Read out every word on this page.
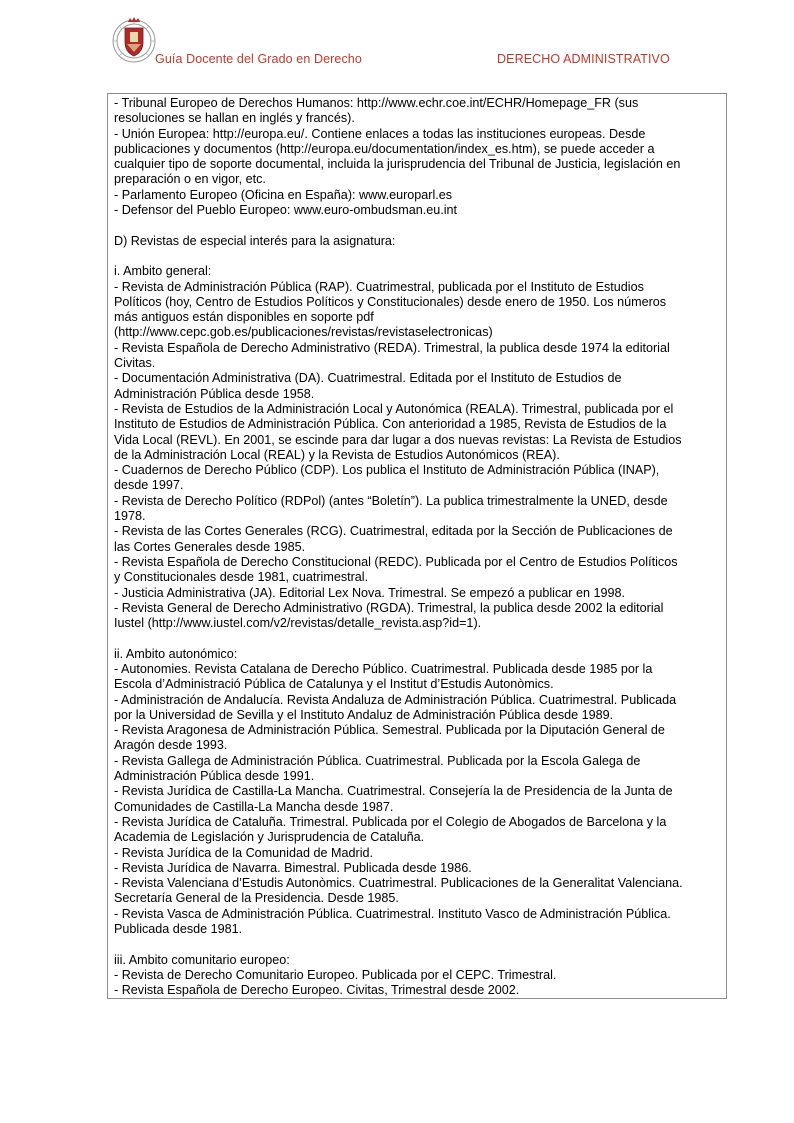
Guía Docente del Grado en Derecho	DERECHO ADMINISTRATIVO

- Tribunal Europeo de Derechos Humanos: http://www.echr.coe.int/ECHR/Homepage_FR (sus

resoluciones se hallan en inglés y francés).

- Unión Europea: http://europa.eu/. Contiene enlaces a todas las instituciones europeas. Desde

publicaciones y documentos (http://europa.eu/documentation/index_es.htm), se puede acceder a

cualquier tipo de soporte documental, incluida la jurisprudencia del Tribunal de Justicia, legislación en

preparación o en vigor, etc.

- Parlamento Europeo (Oficina en España): www.europarl.es

- Defensor del Pueblo Europeo: www.euro-ombudsman.eu.int

D) Revistas de especial interés para la asignatura:

i. Ambito general:

- Revista de Administración Pública (RAP). Cuatrimestral, publicada por el Instituto de Estudios

Políticos (hoy, Centro de Estudios Políticos y Constitucionales) desde enero de 1950. Los números

más antiguos están disponibles en soporte pdf

(http://www.cepc.gob.es/publicaciones/revistas/revistaselectronicas)

- Revista Española de Derecho Administrativo (REDA). Trimestral, la publica desde 1974 la editorial

Civitas.

- Documentación Administrativa (DA). Cuatrimestral. Editada por el Instituto de Estudios de

Administración Pública desde 1958.

- Revista de Estudios de la Administración Local y Autonómica (REALA). Trimestral, publicada por el

Instituto de Estudios de Administración Pública. Con anterioridad a 1985, Revista de Estudios de la

Vida Local (REVL). En 2001, se escinde para dar lugar a dos nuevas revistas: La Revista de Estudios

de la Administración Local (REAL) y la Revista de Estudios Autonómicos (REA).

- Cuadernos de Derecho Público (CDP). Los publica el Instituto de Administración Pública (INAP),

desde 1997.

- Revista de Derecho Político (RDPol) (antes “Boletín”). La publica trimestralmente la UNED, desde

1978.

- Revista de las Cortes Generales (RCG). Cuatrimestral, editada por la Sección de Publicaciones de

las Cortes Generales desde 1985.

- Revista Española de Derecho Constitucional (REDC). Publicada por el Centro de Estudios Políticos

y Constitucionales desde 1981, cuatrimestral.

- Justicia Administrativa (JA). Editorial Lex Nova. Trimestral. Se empezó a publicar en 1998.

- Revista General de Derecho Administrativo (RGDA). Trimestral, la publica desde 2002 la editorial

Iustel (http://www.iustel.com/v2/revistas/detalle_revista.asp?id=1).

ii. Ambito autonómico:

- Autonomies. Revista Catalana de Derecho Público. Cuatrimestral. Publicada desde 1985 por la

Escola d’Administració Pública de Catalunya y el Institut d’Estudis Autonòmics.

- Administración de Andalucía. Revista Andaluza de Administración Pública. Cuatrimestral. Publicada

por la Universidad de Sevilla y el Instituto Andaluz de Administración Pública desde 1989.

- Revista Aragonesa de Administración Pública. Semestral. Publicada por la Diputación General de

Aragón desde 1993.

- Revista Gallega de Administración Pública. Cuatrimestral. Publicada por la Escola Galega de

Administración Pública desde 1991.

- Revista Jurídica de Castilla-La Mancha. Cuatrimestral. Consejería la de Presidencia de la Junta de

Comunidades de Castilla-La Mancha desde 1987.

- Revista Jurídica de Cataluña. Trimestral. Publicada por el Colegio de Abogados de Barcelona y la

Academia de Legislación y Jurisprudencia de Cataluña.

- Revista Jurídica de la Comunidad de Madrid.

- Revista Jurídica de Navarra. Bimestral. Publicada desde 1986.

- Revista Valenciana d’Estudis Autonòmics. Cuatrimestral. Publicaciones de la Generalitat Valenciana.

Secretaría General de la Presidencia. Desde 1985.

- Revista Vasca de Administración Pública. Cuatrimestral. Instituto Vasco de Administración Pública.

Publicada desde 1981.

iii. Ambito comunitario europeo:

- Revista de Derecho Comunitario Europeo. Publicada por el CEPC. Trimestral.

- Revista Española de Derecho Europeo. Civitas, Trimestral desde 2002.
